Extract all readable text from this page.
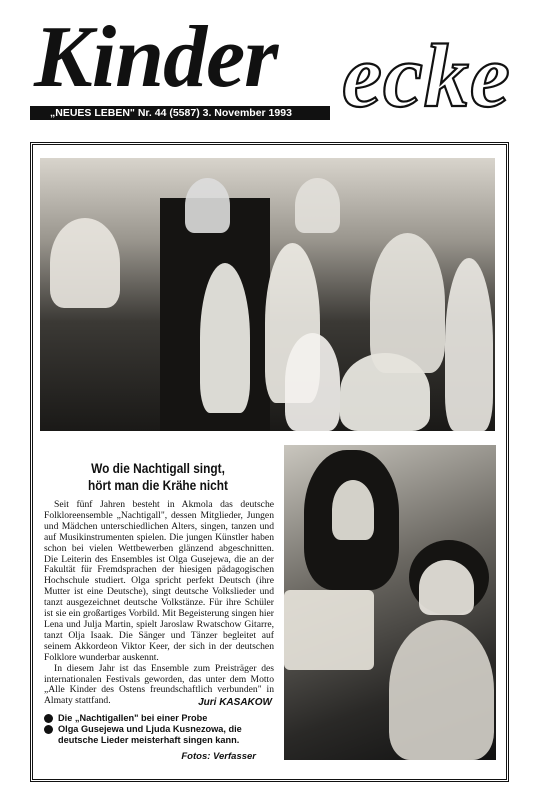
Kinder ecke
„NEUES LEBEN" Nr. 44 (5587) 3. November 1993
Wo die Nachtigall singt,
hört man die Krähe nicht

Seit fünf Jahren besteht in Akmola das deutsche Folkloreensemble „Nachtigall", dessen Mitglieder, Jungen und Mädchen unterschiedlichen Alters, singen, tanzen und auf Musikinstrumenten spielen. Die jungen Künstler haben schon bei vielen Wettbewerben glänzend abgeschnitten. Die Leiterin des Ensembles ist Olga Gusejewa, die an der Fakultät für Fremdsprachen der hiesigen pädagogischen Hochschule studiert. Olga spricht perfekt Deutsch (ihre Mutter ist eine Deutsche), singt deutsche Volkslieder und tanzt ausgezeichnet deutsche Volkstänze. Für ihre Schüler ist sie ein großartiges Vorbild. Mit Begeisterung singen hier Lena und Julja Martin, spielt Jaroslaw Rwatschow Gitarre, tanzt Olja Isaak. Die Sänger und Tänzer begleitet auf seinem Akkordeon Viktor Keer, der sich in der deutschen Folklore wunderbar auskennt.

In diesem Jahr ist das Ensemble zum Preisträger des internationalen Festivals geworden, das unter dem Motto „Alle Kinder des Ostens freundschaftlich verbunden" in Almaty stattfand.	Juri KASAKOW
Die „Nachtigallen" bei einer Probe
Olga Gusejewa und Ljuda Kusnezowa, die deutsche Lieder meisterhaft singen kann.
Fotos: Verfasser
